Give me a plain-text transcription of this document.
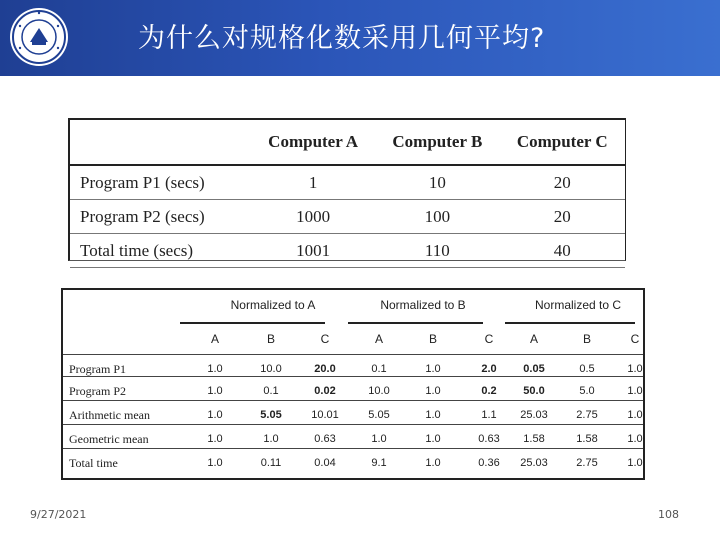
为什么对规格化数采用几何平均?
	Computer A	Computer B	Computer C
Program P1 (secs)	1	10	20
Program P2 (secs)	1000	100	20
Total time (secs)	1001	110	40
Normalized to A	Normalized to B	Normalized to C
A	B	C	A	B	C	A	B	C
Program P1	1.0	10.0	20.0	0.1	1.0	2.0	0.05	0.5	1.0
Program P2	1.0	0.1	0.02	10.0	1.0	0.2	50.0	5.0	1.0
Arithmetic mean	1.0	5.05	10.01	5.05	1.0	1.1	25.03	2.75	1.0
Geometric mean	1.0	1.0	0.63	1.0	1.0	0.63	1.58	1.58	1.0
Total time	1.0	0.11	0.04	9.1	1.0	0.36	25.03	2.75	1.0
9/27/2021	108
